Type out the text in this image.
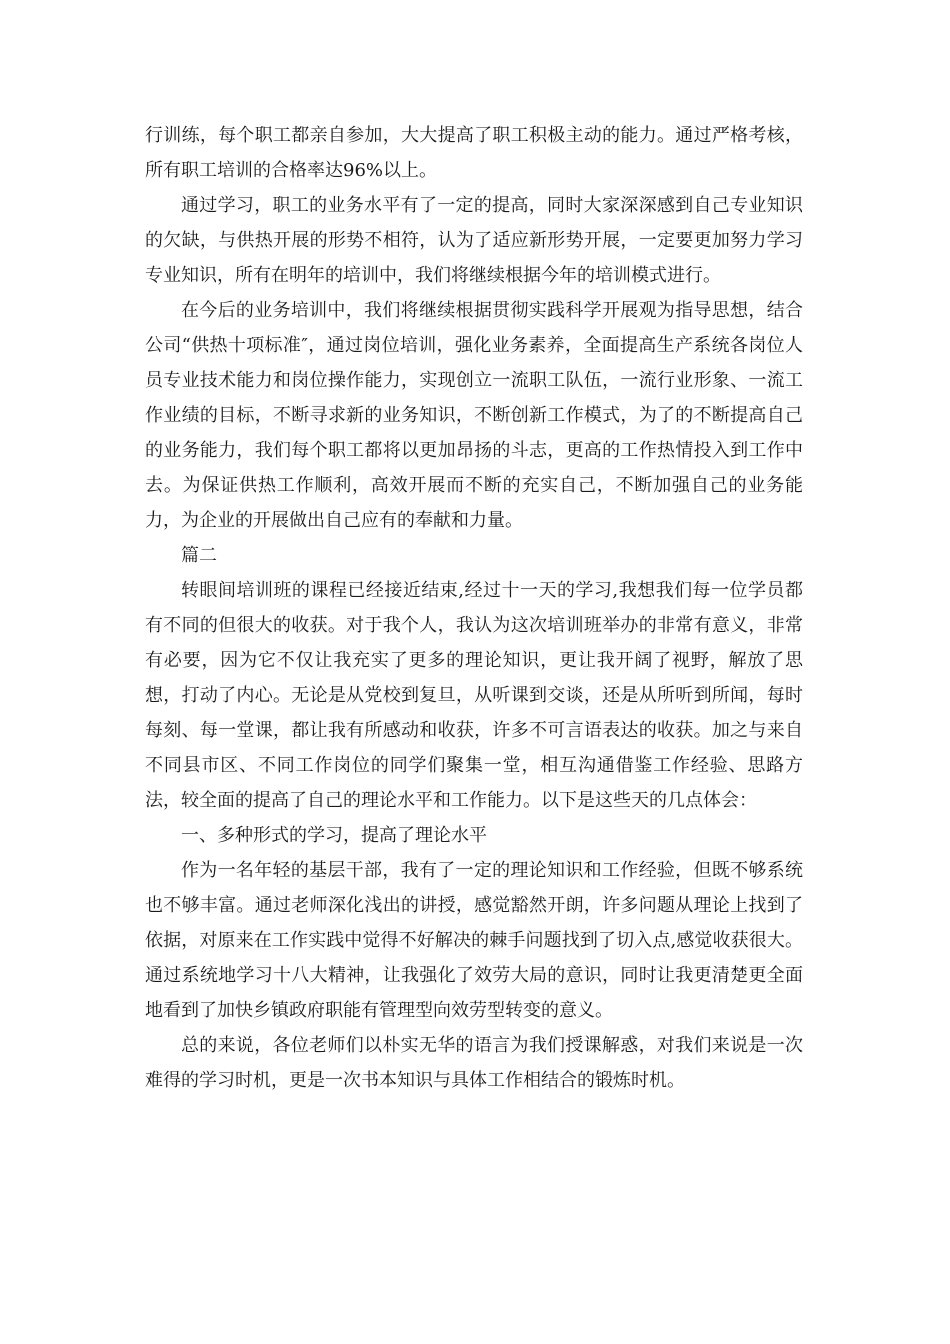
行训练，每个职工都亲自参加，大大提高了职工积极主动的能力。通过严格考核，所有职工培训的合格率达96%以上。

通过学习，职工的业务水平有了一定的提高，同时大家深深感到自己专业知识的欠缺，与供热开展的形势不相符，认为了适应新形势开展，一定要更加努力学习专业知识，所有在明年的培训中，我们将继续根据今年的培训模式进行。

在今后的业务培训中，我们将继续根据贯彻实践科学开展观为指导思想，结合公司“供热十项标准″，通过岗位培训，强化业务素养，全面提高生产系统各岗位人员专业技术能力和岗位操作能力，实现创立一流职工队伍，一流行业形象、一流工作业绩的目标，不断寻求新的业务知识，不断创新工作模式，为了的不断提高自己的业务能力，我们每个职工都将以更加昂扬的斗志，更高的工作热情投入到工作中去。为保证供热工作顺利，高效开展而不断的充实自己，不断加强自己的业务能力，为企业的开展做出自己应有的奉献和力量。

篇二

转眼间培训班的课程已经接近结束,经过十一天的学习,我想我们每一位学员都有不同的但很大的收获。对于我个人，我认为这次培训班举办的非常有意义，非常有必要，因为它不仅让我充实了更多的理论知识，更让我开阔了视野，解放了思想，打动了内心。无论是从党校到复旦，从听课到交谈，还是从所听到所闻，每时每刻、每一堂课，都让我有所感动和收获，许多不可言语表达的收获。加之与来自不同县市区、不同工作岗位的同学们聚集一堂，相互沟通借鉴工作经验、思路方法，较全面的提高了自己的理论水平和工作能力。以下是这些天的几点体会：

一、多种形式的学习，提高了理论水平

作为一名年轻的基层干部，我有了一定的理论知识和工作经验，但既不够系统也不够丰富。通过老师深化浅出的讲授，感觉豁然开朗，许多问题从理论上找到了依据，对原来在工作实践中觉得不好解决的棘手问题找到了切入点,感觉收获很大。通过系统地学习十八大精神，让我强化了效劳大局的意识，同时让我更清楚更全面地看到了加快乡镇政府职能有管理型向效劳型转变的意义。

总的来说，各位老师们以朴实无华的语言为我们授课解惑，对我们来说是一次难得的学习时机，更是一次书本知识与具体工作相结合的锻炼时机。
